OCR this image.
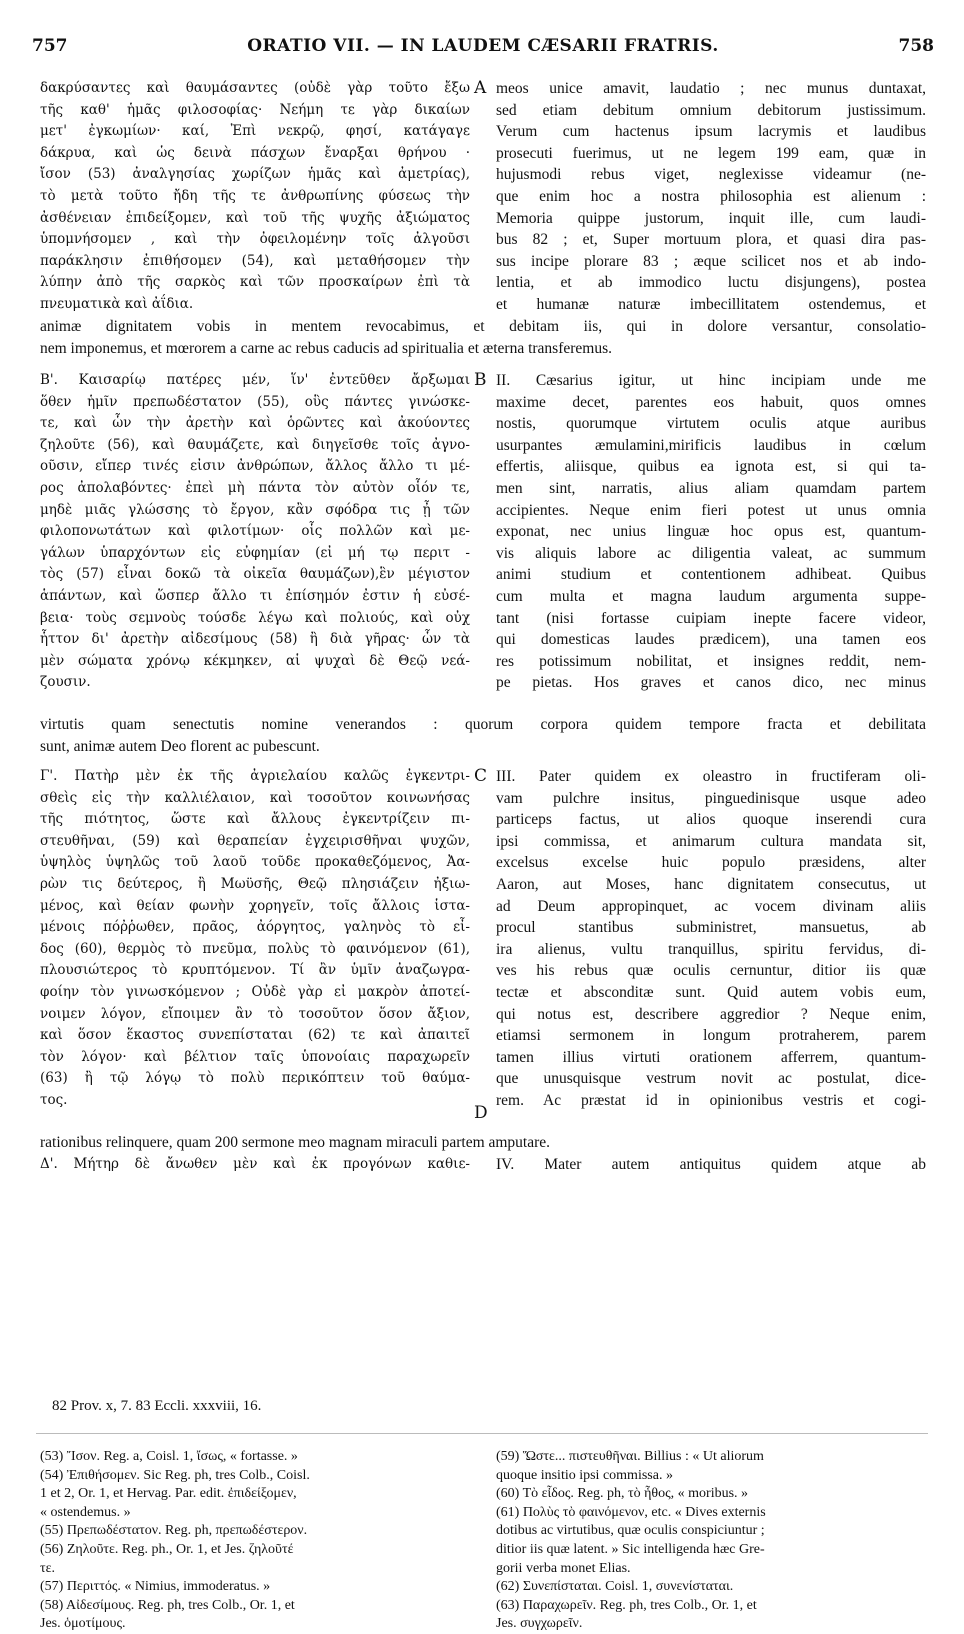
757	ORATIO VII. — IN LAUDEM CÆSARII FRATRIS.	758
A
B
C
D
δακρύσαντες καὶ θαυμάσαντες (οὐδὲ γὰρ τοῦτο ἔξω
τῆς καθ' ἡμᾶς φιλοσοφίας· Νεήμη τε γὰρ δικαίων
μετ' ἐγκωμίων· καί, Ἐπὶ νεκρῷ, φησί, κατάγαγε
δάκρυα, καὶ ὡς δεινὰ πάσχων ἔναρξαι θρήνου ·
ἴσον (53) ἀναλγησίας χωρίζων ἡμᾶς καὶ ἀμετρίας),
τὸ μετὰ τοῦτο ἤδη τῆς τε ἀνθρωπίνης φύσεως τὴν
ἀσθένειαν ἐπιδείξομεν, καὶ τοῦ τῆς ψυχῆς ἀξιώματος
ὑπομνήσομεν , καὶ τὴν ὀφειλομένην τοῖς ἀλγοῦσι
παράκλησιν ἐπιθήσομεν (54), καὶ μεταθήσομεν τὴν
λύπην ἀπὸ τῆς σαρκὸς καὶ τῶν προσκαίρων ἐπὶ τὰ
πνευματικὰ καὶ ἀΐδια.
meos unice amavit, laudatio ; nec munus duntaxat,
sed etiam debitum omnium debitorum justissimum.
Verum cum hactenus ipsum lacrymis et laudibus
prosecuti fuerimus, ut ne legem 199 eam, quæ in
hujusmodi rebus viget, neglexisse videamur (ne-
que enim hoc a nostra philosophia est alienum :
Memoria quippe justorum, inquit ille, cum laudi-
bus 82 ; et, Super mortuum plora, et quasi dira pas-
sus incipe plorare 83 ; æque scilicet nos et ab indo-
lentia, et ab immodico luctu disjungens), postea
et humanæ naturæ imbecillitatem ostendemus, et
animæ dignitatem vobis in mentem revocabimus, et debitam iis, qui in dolore versantur, consolatio-
nem imponemus, et mœrorem a carne ac rebus caducis ad spiritualia et æterna transferemus.
Β'. Καισαρίῳ πατέρες μέν, ἵν' ἐντεῦθεν ἄρξωμαι
ὅθεν ἡμῖν πρεπωδέστατον (55), οὓς πάντες γινώσκε-
τε, καὶ ὧν τὴν ἀρετὴν καὶ ὁρῶντες καὶ ἀκούοντες
ζηλοῦτε (56), καὶ θαυμάζετε, καὶ διηγεῖσθε τοῖς ἀγνο-
οῦσιν, εἴπερ τινές εἰσιν ἀνθρώπων, ἄλλος ἄλλο τι μέ-
ρος ἀπολαβόντες· ἐπεὶ μὴ πάντα τὸν αὐτὸν οἷόν τε,
μηδὲ μιᾶς γλώσσης τὸ ἔργον, κἂν σφόδρα τις ᾖ τῶν
φιλοπονωτάτων καὶ φιλοτίμων· οἷς πολλῶν καὶ με-
γάλων ὑπαρχόντων εἰς εὐφημίαν (εἰ μή τῳ περιτ -
τὸς (57) εἶναι δοκῶ τὰ οἰκεῖα θαυμάζων),ἓν μέγιστον
ἁπάντων, καὶ ὥσπερ ἄλλο τι ἐπίσημόν ἐστιν ἡ εὐσέ-
βεια· τοὺς σεμνοὺς τούσδε λέγω καὶ πολιούς, καὶ οὐχ
ἧττον δι' ἀρετὴν αἰδεσίμους (58) ἢ διὰ γῆρας· ὧν τὰ
μὲν σώματα χρόνῳ κέκμηκεν, αἱ ψυχαὶ δὲ Θεῷ νεά-
ζουσιν.
II. Cæsarius igitur, ut hinc incipiam unde me
maxime decet, parentes eos habuit, quos omnes
nostis, quorumque virtutem oculis atque auribus
usurpantes æmulamini,mirificis laudibus in cœlum
effertis, aliisque, quibus ea ignota est, si qui ta-
men sint, narratis, alius aliam quamdam partem
accipientes. Neque enim fieri potest ut unus omnia
exponat, nec unius linguæ hoc opus est, quantum-
vis aliquis labore ac diligentia valeat, ac summum
animi studium et contentionem adhibeat. Quibus
cum multa et magna laudum argumenta suppe-
tant (nisi fortasse cuipiam inepte facere videor,
qui domesticas laudes prædicem), una tamen eos
res potissimum nobilitat, et insignes reddit, nem-
pe pietas. Hos graves et canos dico, nec minus
virtutis quam senectutis nomine venerandos : quorum corpora quidem tempore fracta et debilitata
sunt, animæ autem Deo florent ac pubescunt.
Γ'. Πατὴρ μὲν ἐκ τῆς ἀγριελαίου καλῶς ἐγκεντρι-
σθεὶς εἰς τὴν καλλιέλαιον, καὶ τοσοῦτον κοινωνήσας
τῆς πιότητος, ὥστε καὶ ἄλλους ἐγκεντρίζειν πι-
στευθῆναι, (59) καὶ θεραπείαν ἐγχειρισθῆναι ψυχῶν,
ὑψηλὸς ὑψηλῶς τοῦ λαοῦ τοῦδε προκαθεζόμενος, Ἀα-
ρὼν τις δεύτερος, ἢ Μωϋσῆς, Θεῷ πλησιάζειν ἠξιω-
μένος, καὶ θείαν φωνὴν χορηγεῖν, τοῖς ἄλλοις ἱστα-
μένοις πόῤῥωθεν, πρᾶος, ἀόργητος, γαληνὸς τὸ εἶ-
δος (60), θερμὸς τὸ πνεῦμα, πολὺς τὸ φαινόμενον (61),
πλουσιώτερος τὸ κρυπτόμενον. Τί ἂν ὑμῖν ἀναζωγρα-
φοίην τὸν γινωσκόμενον ; Οὐδὲ γὰρ εἰ μακρὸν ἀποτεί-
νοιμεν λόγον, εἴποιμεν ἂν τὸ τοσοῦτον ὅσον ἄξιον,
καὶ ὅσον ἕκαστος συνεπίσταται (62) τε καὶ ἀπαιτεῖ
τὸν λόγον· καὶ βέλτιον ταῖς ὑπονοίαις παραχωρεῖν
(63) ἢ τῷ λόγῳ τὸ πολὺ περικόπτειν τοῦ θαύμα-
τος.
III. Pater quidem ex oleastro in fructiferam oli-
vam pulchre insitus, pinguedinisque usque adeo
particeps factus, ut alios quoque inserendi cura
ipsi commissa, et animarum cultura mandata sit,
excelsus excelse huic populo præsidens, alter
Aaron, aut Moses, hanc dignitatem consecutus, ut
ad Deum appropinquet, ac vocem divinam aliis
procul stantibus subministret, mansuetus, ab
ira alienus, vultu tranquillus, spiritu fervidus, di-
ves his rebus quæ oculis cernuntur, ditior iis quæ
tectæ et absconditæ sunt. Quid autem vobis eum,
qui notus est, describere aggredior ? Neque enim,
etiamsi sermonem in longum protraherem, parem
tamen illius virtuti orationem afferrem, quantum-
que unusquisque vestrum novit ac postulat, dice-
rem. Ac præstat id in opinionibus vestris et cogi-
rationibus relinquere, quam 200 sermone meo magnam miraculi partem amputare.
Δ'. Μήτηρ δὲ ἄνωθεν μὲν καὶ ἐκ προγόνων καθιε- IV. Mater autem antiquitus quidem atque ab
82 Prov. x, 7. 83 Eccli. xxxviii, 16.
(53) Ἴσον. Reg. a, Coisl. 1, ἴσως, « fortasse. »
(54) Ἐπιθήσομεν. Sic Reg. ph, tres Colb., Coisl.
1 et 2, Or. 1, et Hervag. Par. edit. ἐπιδείξομεν,
« ostendemus. »
(55) Πρεπωδέστατον. Reg. ph, πρεπωδέστερον.
(56) Ζηλοῦτε. Reg. ph., Or. 1, et Jes. ζηλοῦτέ
τε.
(57) Περιττός. « Nimius, immoderatus. »
(58) Αἰδεσίμους. Reg. ph, tres Colb., Or. 1, et
Jes. ὁμοτίμους.
(59) Ὥστε... πιστευθῆναι. Billius : « Ut aliorum
quoque insitio ipsi commissa. »
(60) Τὸ εἶδος. Reg. ph, τὸ ἦθος, « moribus. »
(61) Πολὺς τὸ φαινόμενον, etc. « Dives externis
dotibus ac virtutibus, quæ oculis conspiciuntur ;
ditior iis quæ latent. » Sic intelligenda hæc Gre-
gorii verba monet Elias.
(62) Συνεπίσταται. Coisl. 1, συνενίσταται.
(63) Παραχωρεῖν. Reg. ph, tres Colb., Or. 1, et
Jes. συγχωρεῖν.
